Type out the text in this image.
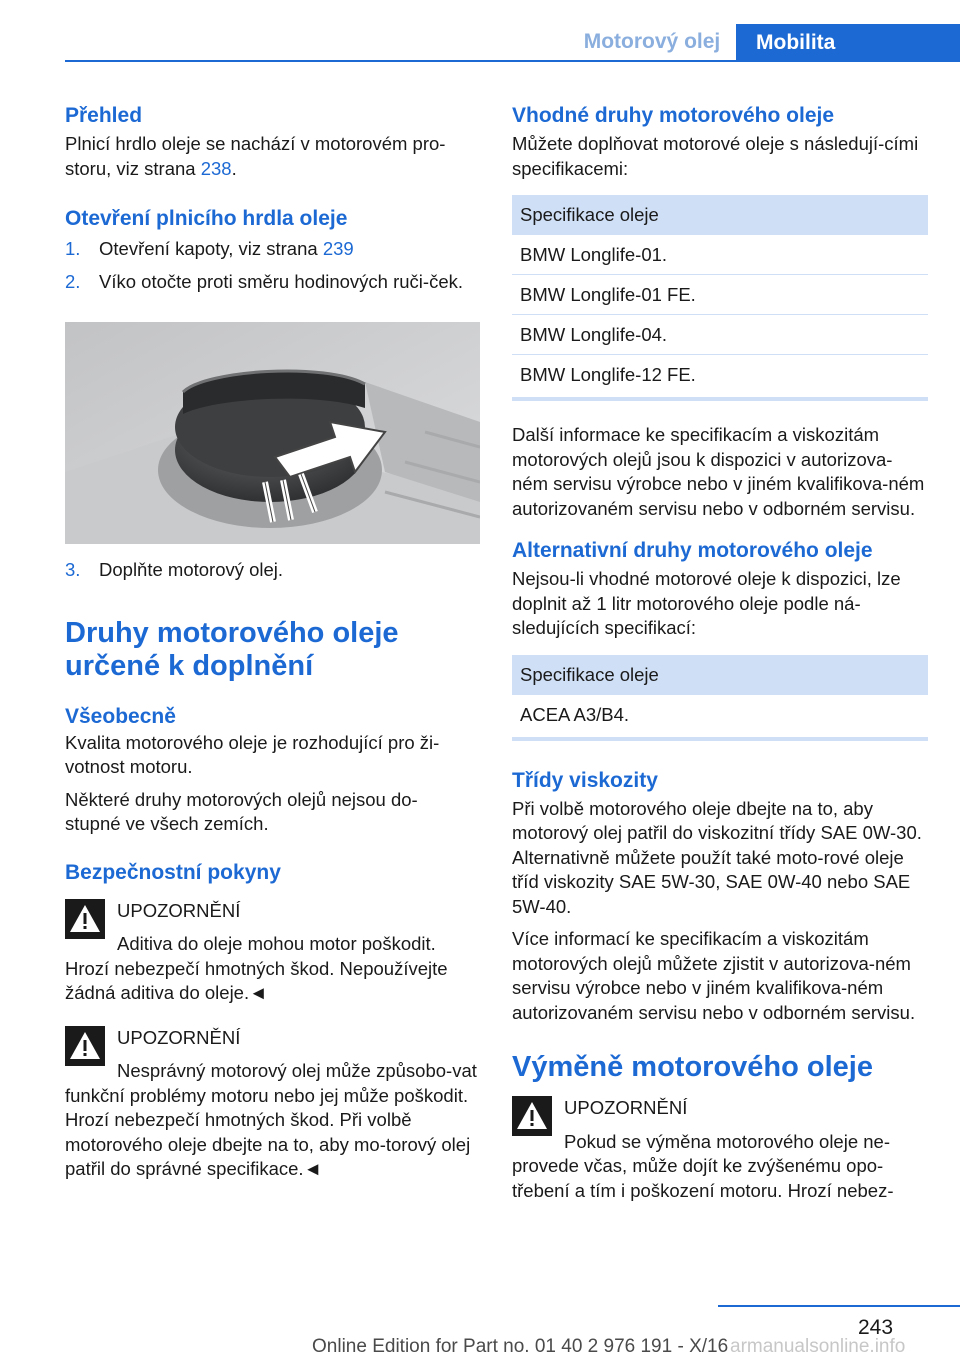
Motorový olej	Mobilita
Přehled
Plnicí hrdlo oleje se nachází v motorovém pro-storu, viz strana 238.
Otevření plnicího hrdla oleje
1.	Otevření kapoty, viz strana 239
2.	Víko otočte proti směru hodinových ruči-ček.
3.	Doplňte motorový olej.
Druhy motorového oleje určené k doplnění
Všeobecně
Kvalita motorového oleje je rozhodující pro ži-votnost motoru.
Některé druhy motorových olejů nejsou do-stupné ve všech zemích.
Bezpečnostní pokyny
UPOZORNĚNÍ
Aditiva do oleje mohou motor poškodit. Hrozí nebezpečí hmotných škod. Nepoužívejte žádná aditiva do oleje.◄
UPOZORNĚNÍ
Nesprávný motorový olej může způsobo-vat funkční problémy motoru nebo jej může poškodit. Hrozí nebezpečí hmotných škod. Při volbě motorového oleje dbejte na to, aby mo-torový olej patřil do správné specifikace.◄
Vhodné druhy motorového oleje
Můžete doplňovat motorové oleje s následují-cími specifikacemi:
Specifikace oleje
BMW Longlife-01.
BMW Longlife-01 FE.
BMW Longlife-04.
BMW Longlife-12 FE.
Další informace ke specifikacím a viskozitám motorových olejů jsou k dispozici v autorizova-ném servisu výrobce nebo v jiném kvalifikova-ném autorizovaném servisu nebo v odborném servisu.
Alternativní druhy motorového oleje
Nejsou-li vhodné motorové oleje k dispozici, lze doplnit až 1 litr motorového oleje podle ná-sledujících specifikací:
Specifikace oleje
ACEA A3/B4.
Třídy viskozity
Při volbě motorového oleje dbejte na to, aby motorový olej patřil do viskozitní třídy SAE 0W-30. Alternativně můžete použít také moto-rové oleje tříd viskozity SAE 5W-30, SAE 0W-40 nebo SAE 5W-40.
Více informací ke specifikacím a viskozitám motorových olejů můžete zjistit v autorizova-ném servisu výrobce nebo v jiném kvalifikova-ném autorizovaném servisu nebo v odborném servisu.
Výměně motorového oleje
UPOZORNĚNÍ
Pokud se výměna motorového oleje ne-provede včas, může dojít ke zvýšenému opo-třebení a tím i poškození motoru. Hrozí nebez-
243
Online Edition for Part no. 01 40 2 976 191 - X/16 armanualsonline.info
